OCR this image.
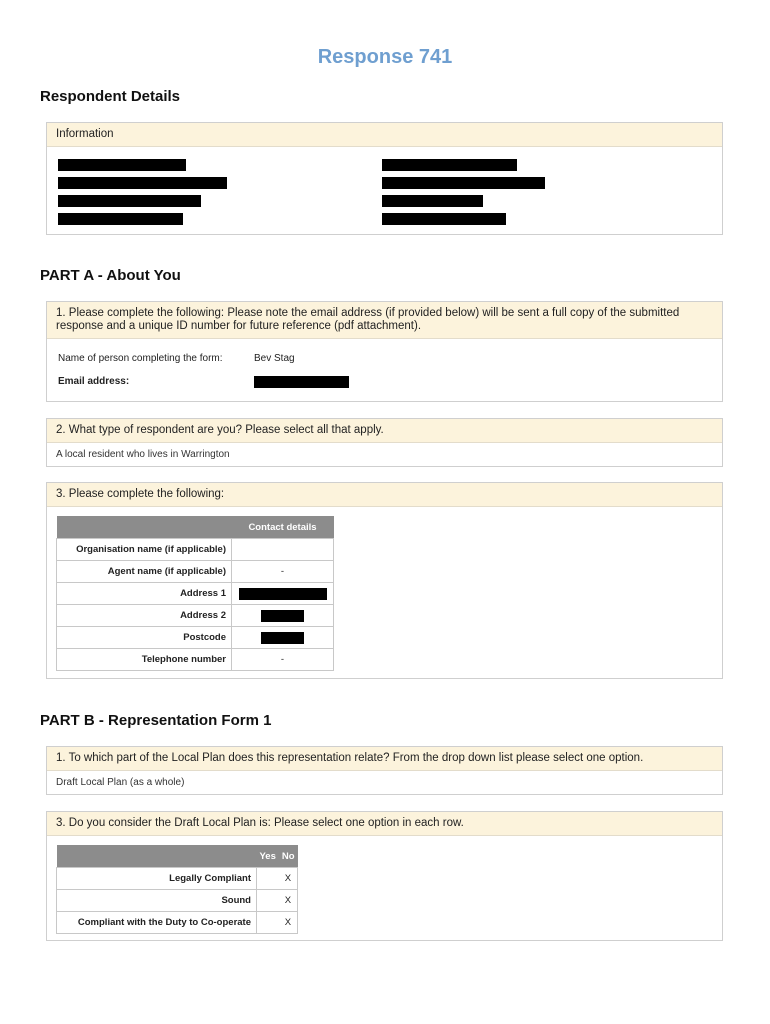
Response 741
Respondent Details
Information
PART A - About You
1. Please complete the following: Please note the email address (if provided below) will be sent a full copy of the submitted response and a unique ID number for future reference (pdf attachment).
Name of person completing the form:	Bev Stag
Email address:
2. What type of respondent are you? Please select all that apply.
A local resident who lives in Warrington
3. Please complete the following:
	Contact details
Organisation name (if applicable)	
Agent name (if applicable)	-
Address 1	
Address 2	
Postcode	
Telephone number	-
PART B - Representation Form 1
1. To which part of the Local Plan does this representation relate? From the drop down list please select one option.
Draft Local Plan (as a whole)
3. Do you consider the Draft Local Plan is: Please select one option in each row.
	Yes	No
Legally Compliant		X
Sound		X
Compliant with the Duty to Co-operate		X
